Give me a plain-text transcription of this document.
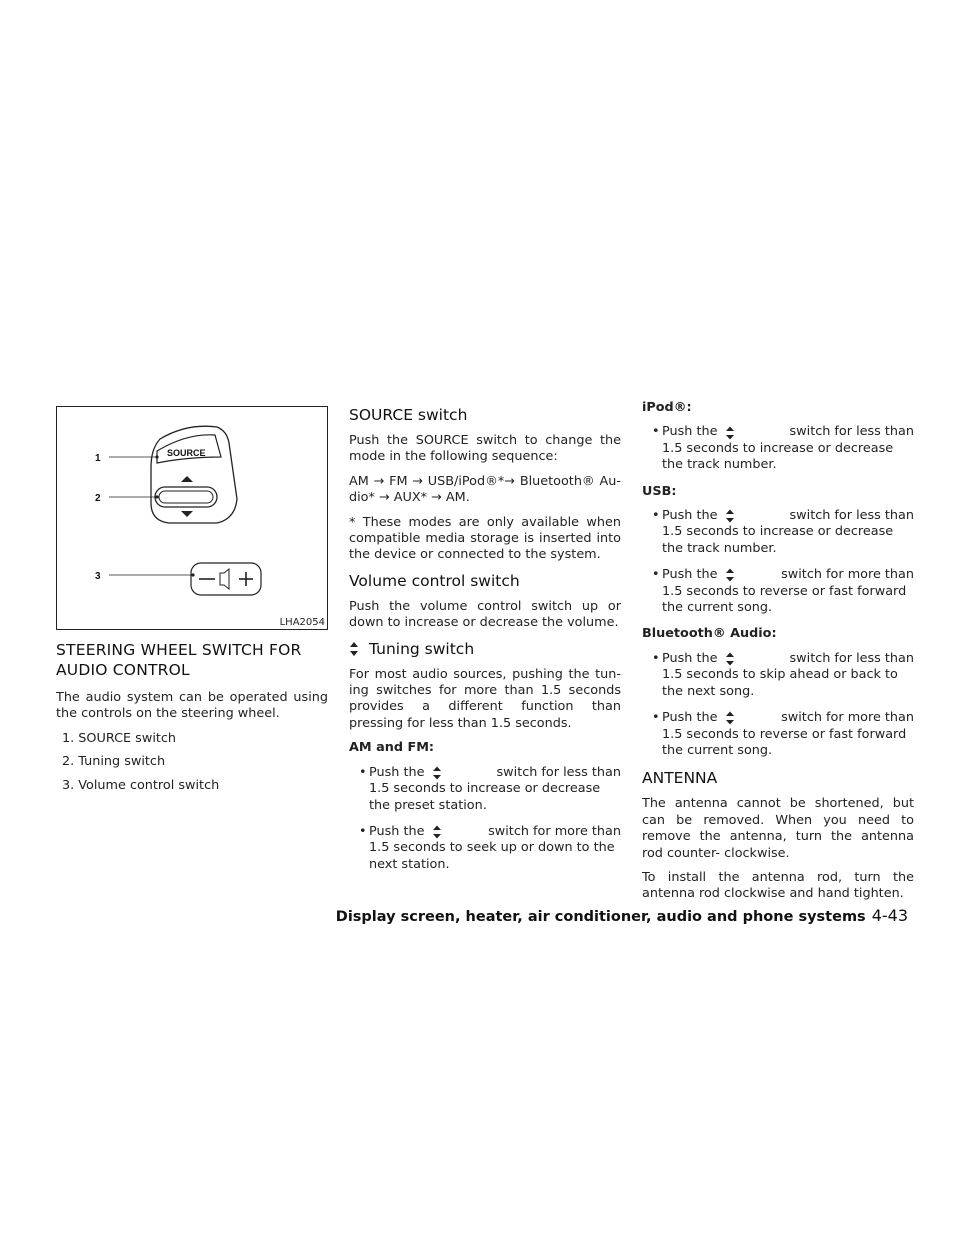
SOURCE
1
2
3
LHA2054
STEERING WHEEL SWITCH FOR AUDIO CONTROL

The audio system can be operated using the controls on the steering wheel.

1. SOURCE switch
2. Tuning switch
3. Volume control switch
SOURCE switch

Push the SOURCE switch to change the mode in the following sequence:

AM → FM → USB/iPod®*→ Bluetooth® Au- dio* → AUX* → AM.

* These modes are only available when compatible media storage is inserted into the device or connected to the system.

Volume control switch

Push the volume control switch up or down to increase or decrease the volume.

Tuning switch

For most audio sources, pushing the tun- ing switches for more than 1.5 seconds provides a different function than pressing for less than 1.5 seconds.

AM and FM:
• Push the	switch for less than
1.5 seconds to increase or decrease the preset station.
• Push the	switch for more than
1.5 seconds to seek up or down to the next station.
iPod®:
• Push the	switch for less than
1.5 seconds to increase or decrease the track number.
USB:
• Push the	switch for less than
1.5 seconds to increase or decrease the track number.
• Push the	switch for more than
1.5 seconds to reverse or fast forward the current song.
Bluetooth® Audio:
• Push the	switch for less than
1.5 seconds to skip ahead or back to the next song.
• Push the	switch for more than
1.5 seconds to reverse or fast forward the current song.
ANTENNA

The antenna cannot be shortened, but can be removed. When you need to remove the antenna, turn the antenna rod counter- clockwise.

To install the antenna rod, turn the antenna rod clockwise and hand tighten.

Display screen, heater, air conditioner, audio and phone systems 4-43
